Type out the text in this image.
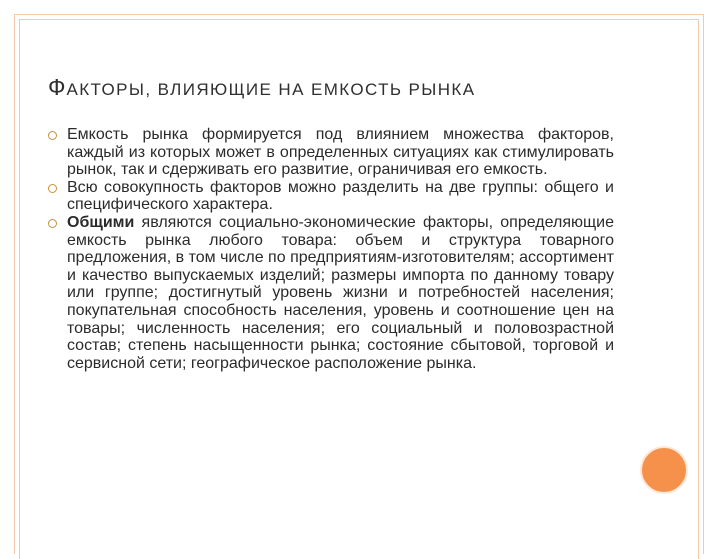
ФАКТОРЫ, ВЛИЯЮЩИЕ НА ЕМКОСТЬ РЫНКА
Емкость рынка формируется под влиянием множества факторов, каждый из которых может в определенных ситуациях как стимулировать рынок, так и сдерживать его развитие, ограничивая его емкость.
Всю совокупность факторов можно разделить на две группы: общего и специфического характера.
Общими являются социально-экономические факторы, определяющие емкость рынка любого товара: объем и структура товарного предложения, в том числе по предприятиям-изготовителям; ассортимент и качество выпускаемых изделий; размеры импорта по данному товару или группе; достигнутый уровень жизни и потребностей населения; покупательная способность населения, уровень и соотношение цен на товары; численность населения; его социальный и половозрастной состав; степень насыщенности рынка; состояние сбытовой, торговой и сервисной сети; географическое расположение рынка.
